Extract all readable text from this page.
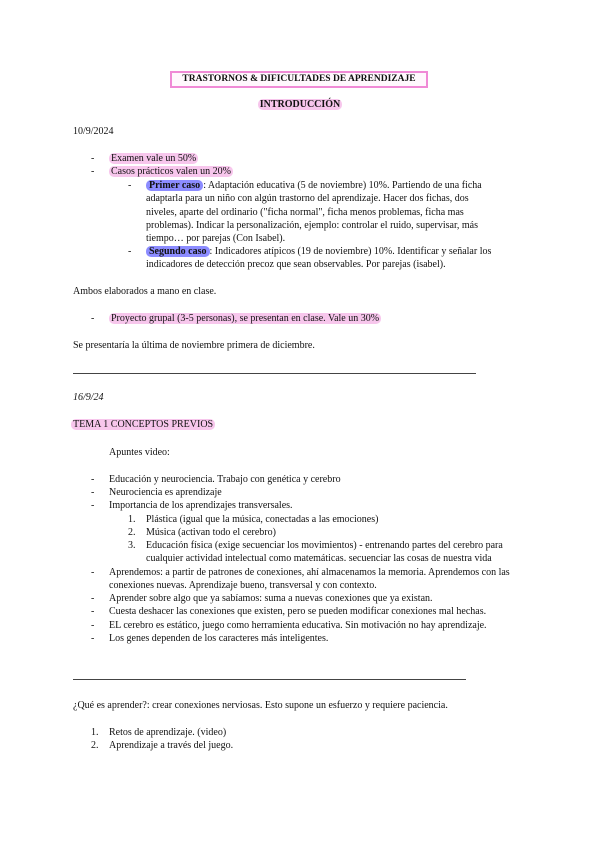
TRASTORNOS & DIFICULTADES DE APRENDIZAJE
INTRODUCCIÓN
10/9/2024
- Examen vale un 50%
- Casos prácticos valen un 20%
-	Primer caso : Adaptación educativa (5 de noviembre) 10%. Partiendo de una ficha adaptarla para un niño con algún trastorno del aprendizaje. Hacer dos fichas, dos niveles, aparte del ordinario ("ficha normal", ficha menos problemas, ficha mas problemas). Indicar la personalización, ejemplo: controlar el ruido, supervisar, más tiempo… por parejas (Con Isabel).
-	Segundo caso : Indicadores atípicos (19 de noviembre) 10%. Identificar y señalar los indicadores de detección precoz que sean observables. Por parejas (isabel).
Ambos elaborados a mano en clase.
- Proyecto grupal (3-5 personas), se presentan en clase. Vale un 30%
Se presentaría la última de noviembre primera de diciembre.
16/9/24
TEMA 1 CONCEPTOS PREVIOS
Apuntes video:
- Educación y neurociencia. Trabajo con genética y cerebro
- Neurociencia es aprendizaje
- Importancia de los aprendizajes transversales.
1. Plástica (igual que la música, conectadas a las emociones)
2. Música (activan todo el cerebro)
3. Educación física (exige secuenciar los movimientos) - entrenando partes del cerebro para cualquier actividad intelectual como matemáticas. secuenciar las cosas de nuestra vida
- Aprendemos: a partir de patrones de conexiones, ahí almacenamos la memoria. Aprendemos con las conexiones nuevas. Aprendizaje bueno, transversal y con contexto.
- Aprender sobre algo que ya sabíamos: suma a nuevas conexiones que ya existan.
- Cuesta deshacer las conexiones que existen, pero se pueden modificar conexiones mal hechas.
- EL cerebro es estático, juego como herramienta educativa. Sin motivación no hay aprendizaje.
- Los genes dependen de los caracteres más inteligentes.
¿Qué es aprender?: crear conexiones nerviosas. Esto supone un esfuerzo y requiere paciencia.
1. Retos de aprendizaje. (video)
2. Aprendizaje a través del juego.
